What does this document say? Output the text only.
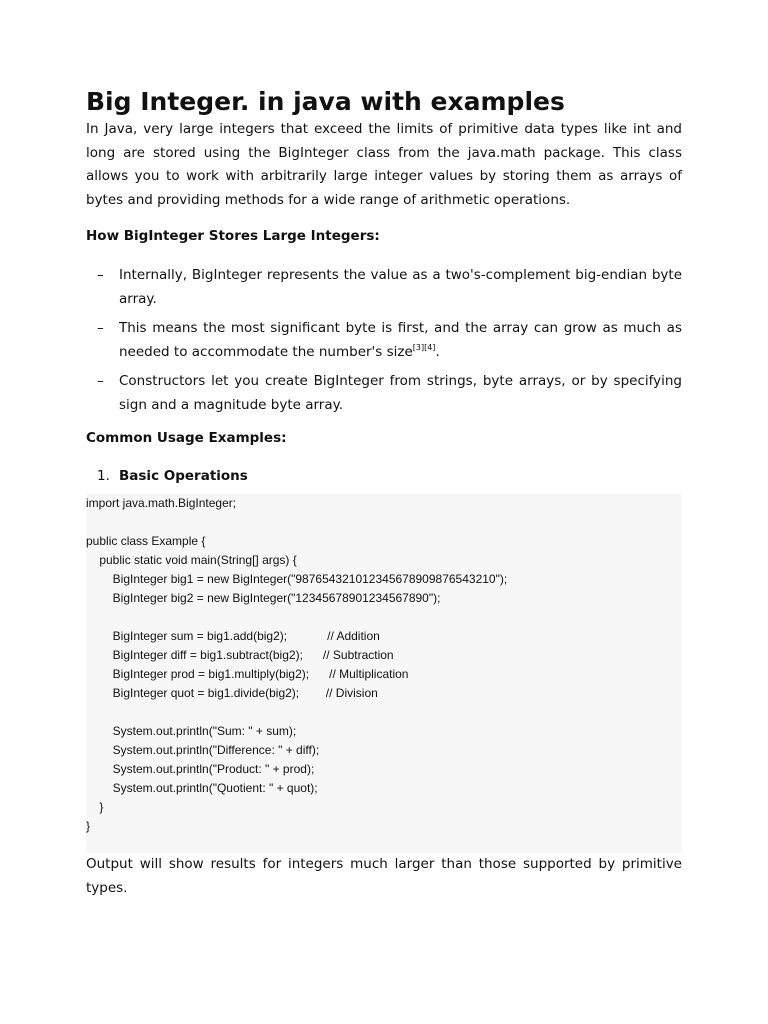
Big Integer. in java with examples

In Java, very large integers that exceed the limits of primitive data types like int and long are stored using the BigInteger class from the java.math package. This class allows you to work with arbitrarily large integer values by storing them as arrays of bytes and providing methods for a wide range of arithmetic operations.

How BigInteger Stores Large Integers:
– Internally, BigInteger represents the value as a two's-complement big-endian byte array.
– This means the most significant byte is first, and the array can grow as much as needed to accommodate the number's size[3][4].
– Constructors let you create BigInteger from strings, byte arrays, or by specifying sign and a magnitude byte array.
Common Usage Examples:
1. Basic Operations
import java.math.BigInteger;
public class Example {
public static void main(String[] args) {
BigInteger big1 = new BigInteger("987654321012345678909876543210");
BigInteger big2 = new BigInteger("12345678901234567890");
BigInteger sum = big1.add(big2);            // Addition
BigInteger diff = big1.subtract(big2);      // Subtraction
BigInteger prod = big1.multiply(big2);      // Multiplication
BigInteger quot = big1.divide(big2);        // Division
System.out.println("Sum: " + sum);
System.out.println("Difference: " + diff);
System.out.println("Product: " + prod);
System.out.println("Quotient: " + quot);
}
}

Output will show results for integers much larger than those supported by primitive types.
